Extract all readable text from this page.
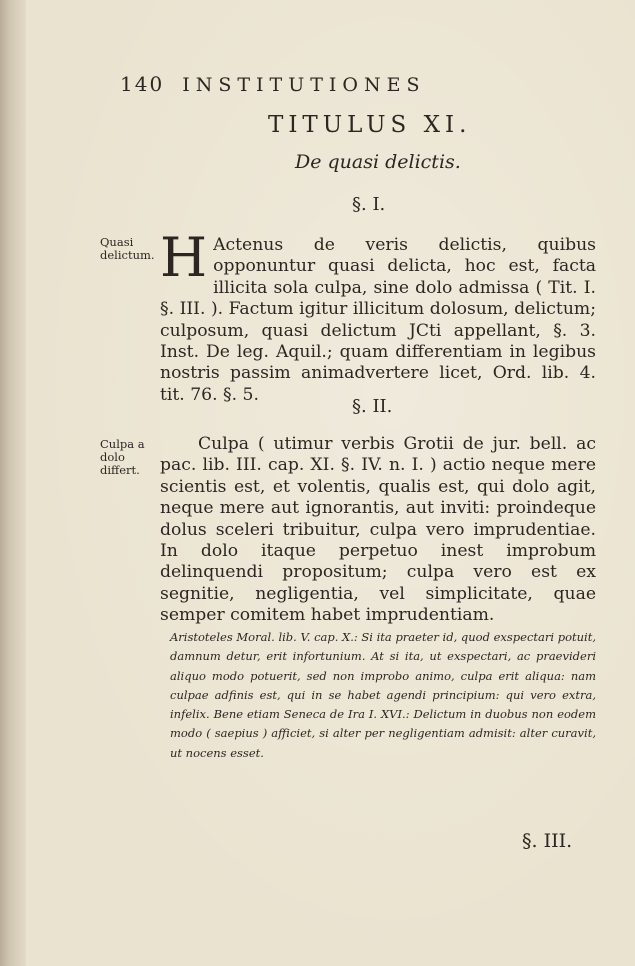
140 INSTITUTIONES
TITULUS XI.
De quasi delictis.
§. I.
Quasi delictum. H Actenus de veris delictis, quibus opponuntur quasi delicta, hoc est, facta illicita sola culpa, sine dolo admissa ( Tit. I. §. III. ). Factum igitur illicitum dolosum, delictum; culposum, quasi delictum JCti appellant, §. 3. Inst. De leg. Aquil.; quam differentiam in legibus nostris passim animadvertere licet, Ord. lib. 4. tit. 76. §. 5.
§. II.
Culpa a dolo differt.
Culpa ( utimur verbis Grotii de jur. bell. ac pac. lib. III. cap. XI. §. IV. n. I. ) actio neque mere scientis est, et volentis, qualis est, qui dolo agit, neque mere aut ignorantis, aut inviti: proindeque dolus sceleri tribuitur, culpa vero imprudentiae. In dolo itaque perpetuo inest improbum delinquendi propositum; culpa vero est ex segnitie, negligentia, vel simplicitate, quae semper comitem habet imprudentiam.
Aristoteles Moral. lib. V. cap. X.: Si ita praeter id, quod exspectari potuit, damnum detur, erit infortunium. At si ita, ut exspectari, ac praevideri aliquo modo potuerit, sed non improbo animo, culpa erit aliqua: nam culpae adfinis est, qui in se habet agendi principium: qui vero extra, infelix. Bene etiam Seneca de Ira I. XVI.: Delictum in duobus non eodem modo ( saepius ) afficiet, si alter per negligentiam admisit: alter curavit, ut nocens esset.
§. III.
